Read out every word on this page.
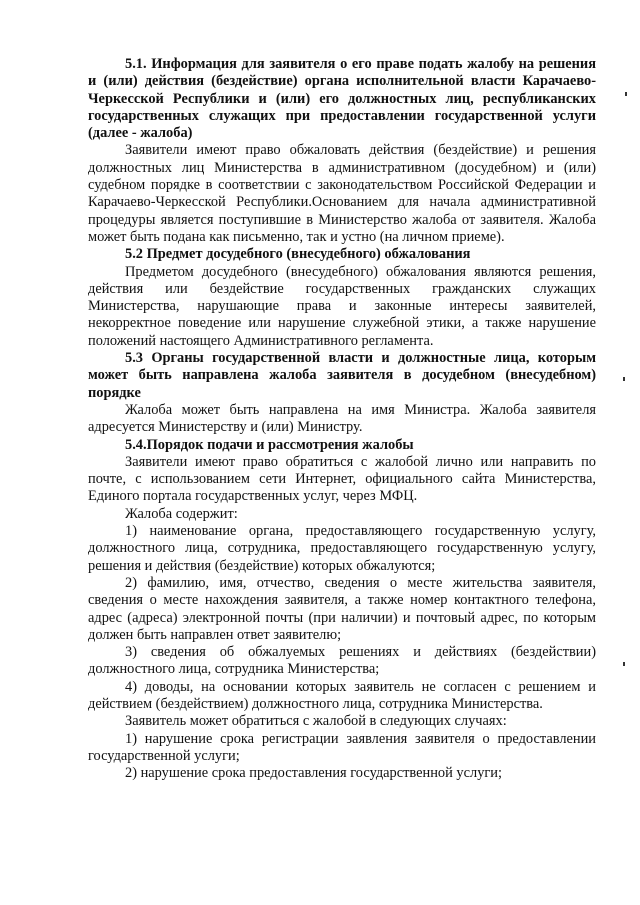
5.1. Информация для заявителя о его праве подать жалобу на решения и (или) действия (бездействие) органа исполнительной власти Карачаево-Черкесской Республики и (или) его должностных лиц, республиканских государственных служащих при предоставлении государственной услуги (далее - жалоба)

Заявители имеют право обжаловать действия (бездействие) и решения должностных лиц Министерства в административном (досудебном) и (или) судебном порядке в соответствии с законодательством Российской Федерации и Карачаево-Черкесской Республики.Основанием для начала административной процедуры является поступившие в Министерство жалоба от заявителя. Жалоба может быть подана как письменно, так и устно (на личном приеме).

5.2 Предмет досудебного (внесудебного) обжалования

Предметом досудебного (внесудебного) обжалования являются решения, действия или бездействие государственных гражданских служащих Министерства, нарушающие права и законные интересы заявителей, некорректное поведение или нарушение служебной этики, а также нарушение положений настоящего Административного регламента.

5.3 Органы государственной власти и должностные лица, которым может быть направлена жалоба заявителя в досудебном (внесудебном) порядке

Жалоба может быть направлена на имя Министра. Жалоба заявителя адресуется Министерству и (или) Министру.

5.4.Порядок подачи и рассмотрения жалобы

Заявители имеют право обратиться с жалобой лично или направить по почте, с использованием сети Интернет, официального сайта Министерства, Единого портала государственных услуг, через МФЦ.

Жалоба содержит:

1) наименование органа, предоставляющего государственную услугу, должностного лица, сотрудника, предоставляющего государственную услугу, решения и действия (бездействие) которых обжалуются;

2) фамилию, имя, отчество, сведения о месте жительства заявителя, сведения о месте нахождения заявителя, а также номер контактного телефона, адрес (адреса) электронной почты (при наличии) и почтовый адрес, по которым должен быть направлен ответ заявителю;

3) сведения об обжалуемых решениях и действиях (бездействии) должностного лица, сотрудника Министерства;

4) доводы, на основании которых заявитель не согласен с решением и действием (бездействием) должностного лица, сотрудника Министерства.

Заявитель может обратиться с жалобой в следующих случаях:

1) нарушение срока регистрации заявления заявителя о предоставлении государственной услуги;

2) нарушение срока предоставления государственной услуги;
